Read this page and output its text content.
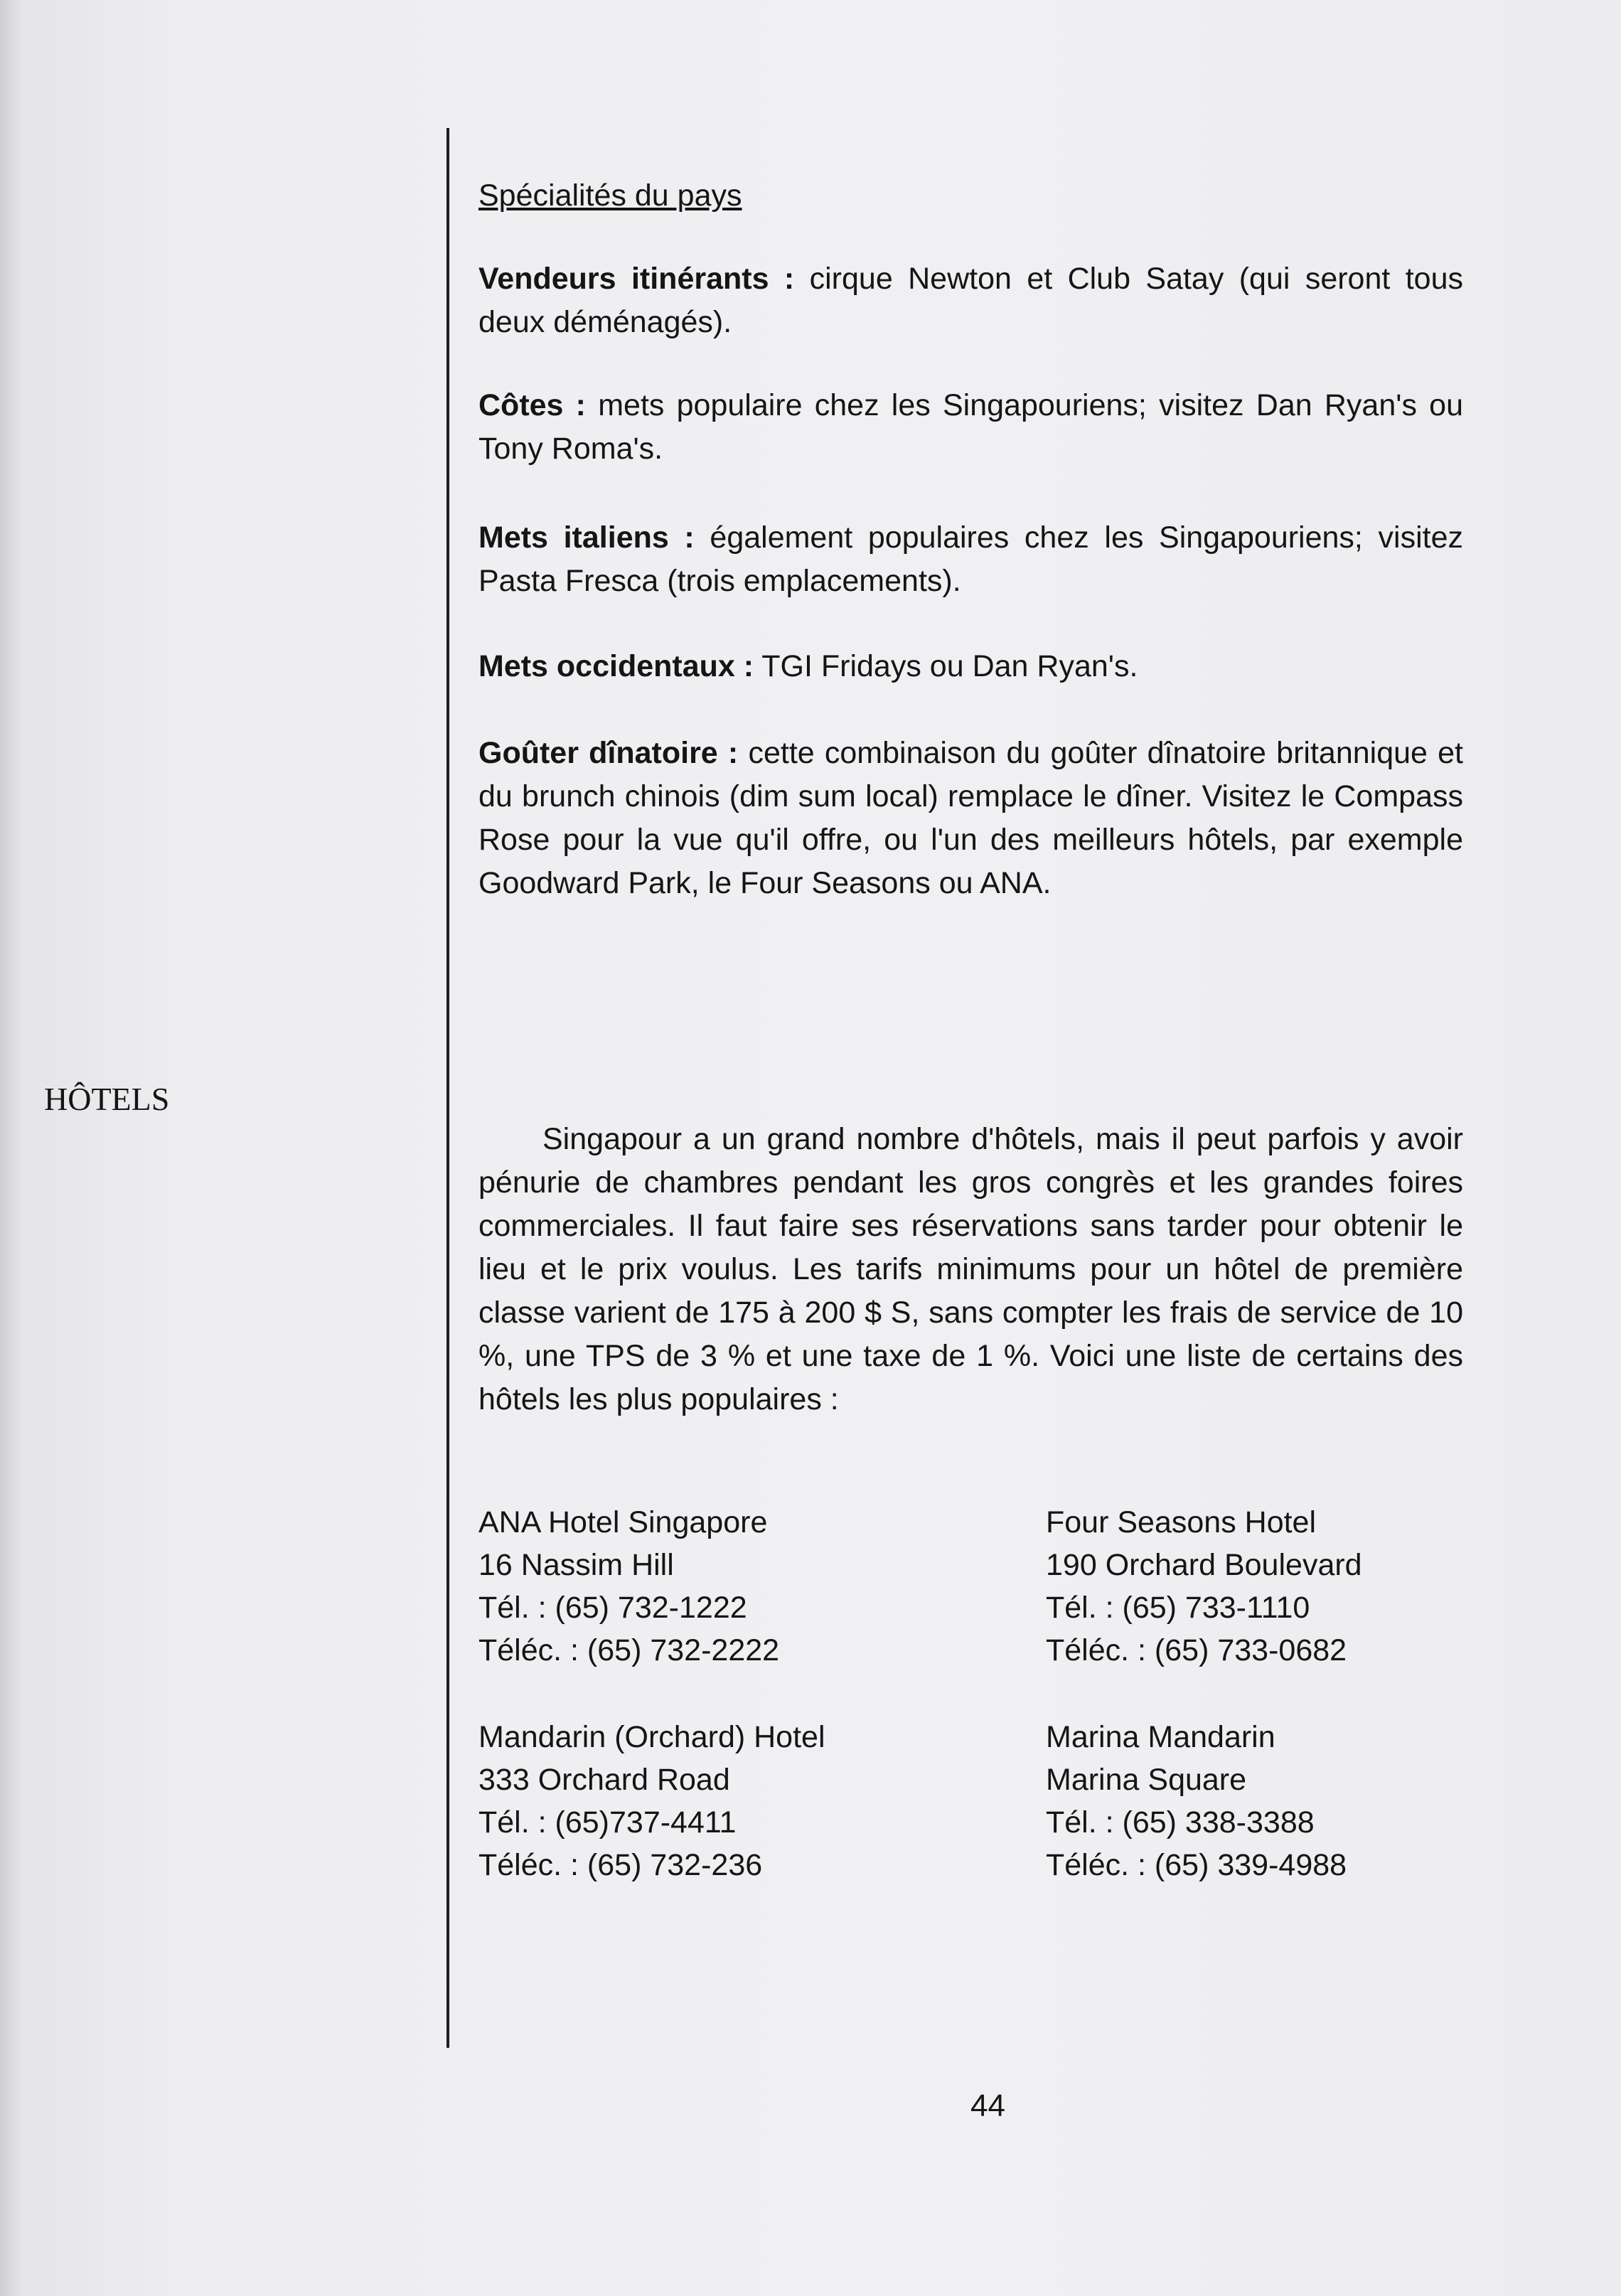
Spécialités du pays

Vendeurs itinérants : cirque Newton et Club Satay (qui seront tous deux déménagés).

Côtes : mets populaire chez les Singapouriens; visitez Dan Ryan's ou Tony Roma's.

Mets italiens : également populaires chez les Singapouriens; visitez Pasta Fresca (trois emplacements).

Mets occidentaux : TGI Fridays ou Dan Ryan's.

Goûter dînatoire : cette combinaison du goûter dînatoire britannique et du brunch chinois (dim sum local) remplace le dîner. Visitez le Compass Rose pour la vue qu'il offre, ou l'un des meilleurs hôtels, par exemple Goodward Park, le Four Seasons ou ANA.

HÔTELS

Singapour a un grand nombre d'hôtels, mais il peut parfois y avoir pénurie de chambres pendant les gros congrès et les grandes foires commerciales. Il faut faire ses réservations sans tarder pour obtenir le lieu et le prix voulus. Les tarifs minimums pour un hôtel de première classe varient de 175 à 200 $ S, sans compter les frais de service de 10 %, une TPS de 3 % et une taxe de 1 %. Voici une liste de certains des hôtels les plus populaires :

ANA Hotel Singapore
16 Nassim Hill
Tél. : (65) 732-1222
Téléc. : (65) 732-2222
Four Seasons Hotel
190 Orchard Boulevard
Tél. : (65) 733-1110
Téléc. : (65) 733-0682
Mandarin (Orchard) Hotel
333 Orchard Road
Tél. : (65)737-4411
Téléc. : (65) 732-236
Marina Mandarin
Marina Square
Tél. : (65) 338-3388
Téléc. : (65) 339-4988
44
